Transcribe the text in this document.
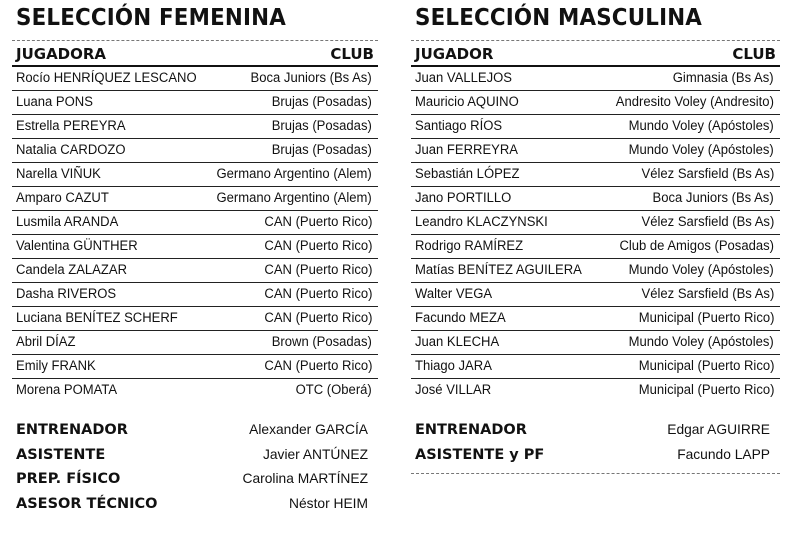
SELECCIÓN FEMENINA
JUGADORA	CLUB
Rocío HENRÍQUEZ LESCANO	Boca Juniors (Bs As)
Luana PONS	Brujas (Posadas)
Estrella PEREYRA	Brujas (Posadas)
Natalia CARDOZO	Brujas (Posadas)
Narella VIÑUK	Germano Argentino (Alem)
Amparo CAZUT	Germano Argentino (Alem)
Lusmila ARANDA	CAN (Puerto Rico)
Valentina GÜNTHER	CAN (Puerto Rico)
Candela ZALAZAR	CAN (Puerto Rico)
Dasha RIVEROS	CAN (Puerto Rico)
Luciana BENÍTEZ SCHERF	CAN (Puerto Rico)
Abril DÍAZ	Brown (Posadas)
Emily FRANK	CAN (Puerto Rico)
Morena POMATA	OTC (Oberá)
ENTRENADOR	Alexander GARCÍA
ASISTENTE	Javier ANTÚNEZ
PREP. FÍSICO	Carolina MARTÍNEZ
ASESOR TÉCNICO	Néstor HEIM
SELECCIÓN MASCULINA
JUGADOR	CLUB
Juan VALLEJOS	Gimnasia (Bs As)
Mauricio AQUINO	Andresito Voley (Andresito)
Santiago RÍOS	Mundo Voley (Apóstoles)
Juan FERREYRA	Mundo Voley (Apóstoles)
Sebastián LÓPEZ	Vélez Sarsfield (Bs As)
Jano PORTILLO	Boca Juniors (Bs As)
Leandro KLACZYNSKI	Vélez Sarsfield (Bs As)
Rodrigo RAMÍREZ	Club de Amigos (Posadas)
Matías BENÍTEZ AGUILERA	Mundo Voley (Apóstoles)
Walter VEGA	Vélez Sarsfield (Bs As)
Facundo MEZA	Municipal (Puerto Rico)
Juan KLECHA	Mundo Voley (Apóstoles)
Thiago JARA	Municipal (Puerto Rico)
José VILLAR	Municipal (Puerto Rico)
ENTRENADOR	Edgar AGUIRRE
ASISTENTE y PF	Facundo LAPP
